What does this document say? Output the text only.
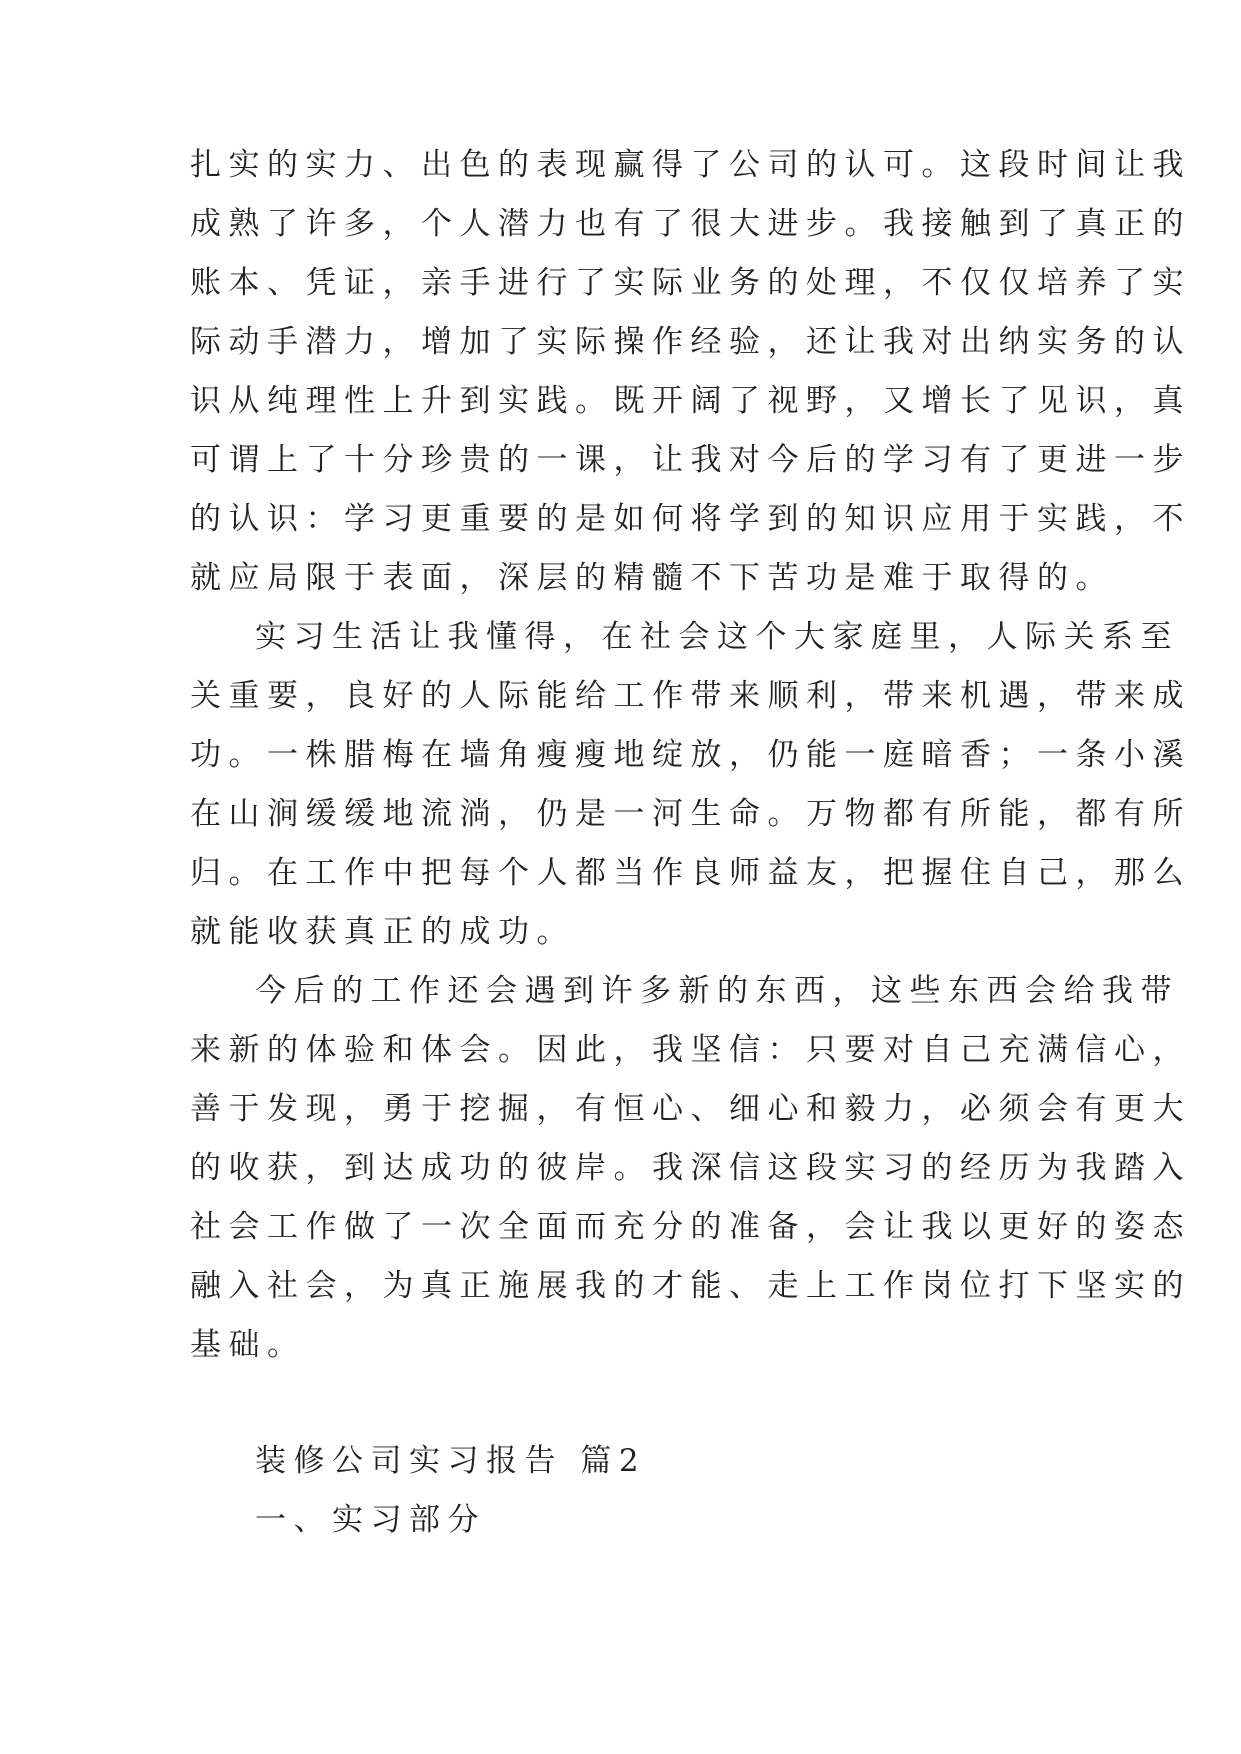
扎实的实力、出色的表现赢得了公司的认可。这段时间让我
成熟了许多，个人潜力也有了很大进步。我接触到了真正的
账本、凭证，亲手进行了实际业务的处理，不仅仅培养了实
际动手潜力，增加了实际操作经验，还让我对出纳实务的认
识从纯理性上升到实践。既开阔了视野，又增长了见识，真
可谓上了十分珍贵的一课，让我对今后的学习有了更进一步
的认识：学习更重要的是如何将学到的知识应用于实践，不
就应局限于表面，深层的精髓不下苦功是难于取得的。
实习生活让我懂得，在社会这个大家庭里，人际关系至
关重要，良好的人际能给工作带来顺利，带来机遇，带来成
功。一株腊梅在墙角瘦瘦地绽放，仍能一庭暗香；一条小溪
在山涧缓缓地流淌，仍是一河生命。万物都有所能，都有所
归。在工作中把每个人都当作良师益友，把握住自己，那么
就能收获真正的成功。
今后的工作还会遇到许多新的东西，这些东西会给我带
来新的体验和体会。因此，我坚信：只要对自己充满信心，
善于发现，勇于挖掘，有恒心、细心和毅力，必须会有更大
的收获，到达成功的彼岸。我深信这段实习的经历为我踏入
社会工作做了一次全面而充分的准备，会让我以更好的姿态
融入社会，为真正施展我的才能、走上工作岗位打下坚实的
基础。
装修公司实习报告 篇2
一、实习部分
